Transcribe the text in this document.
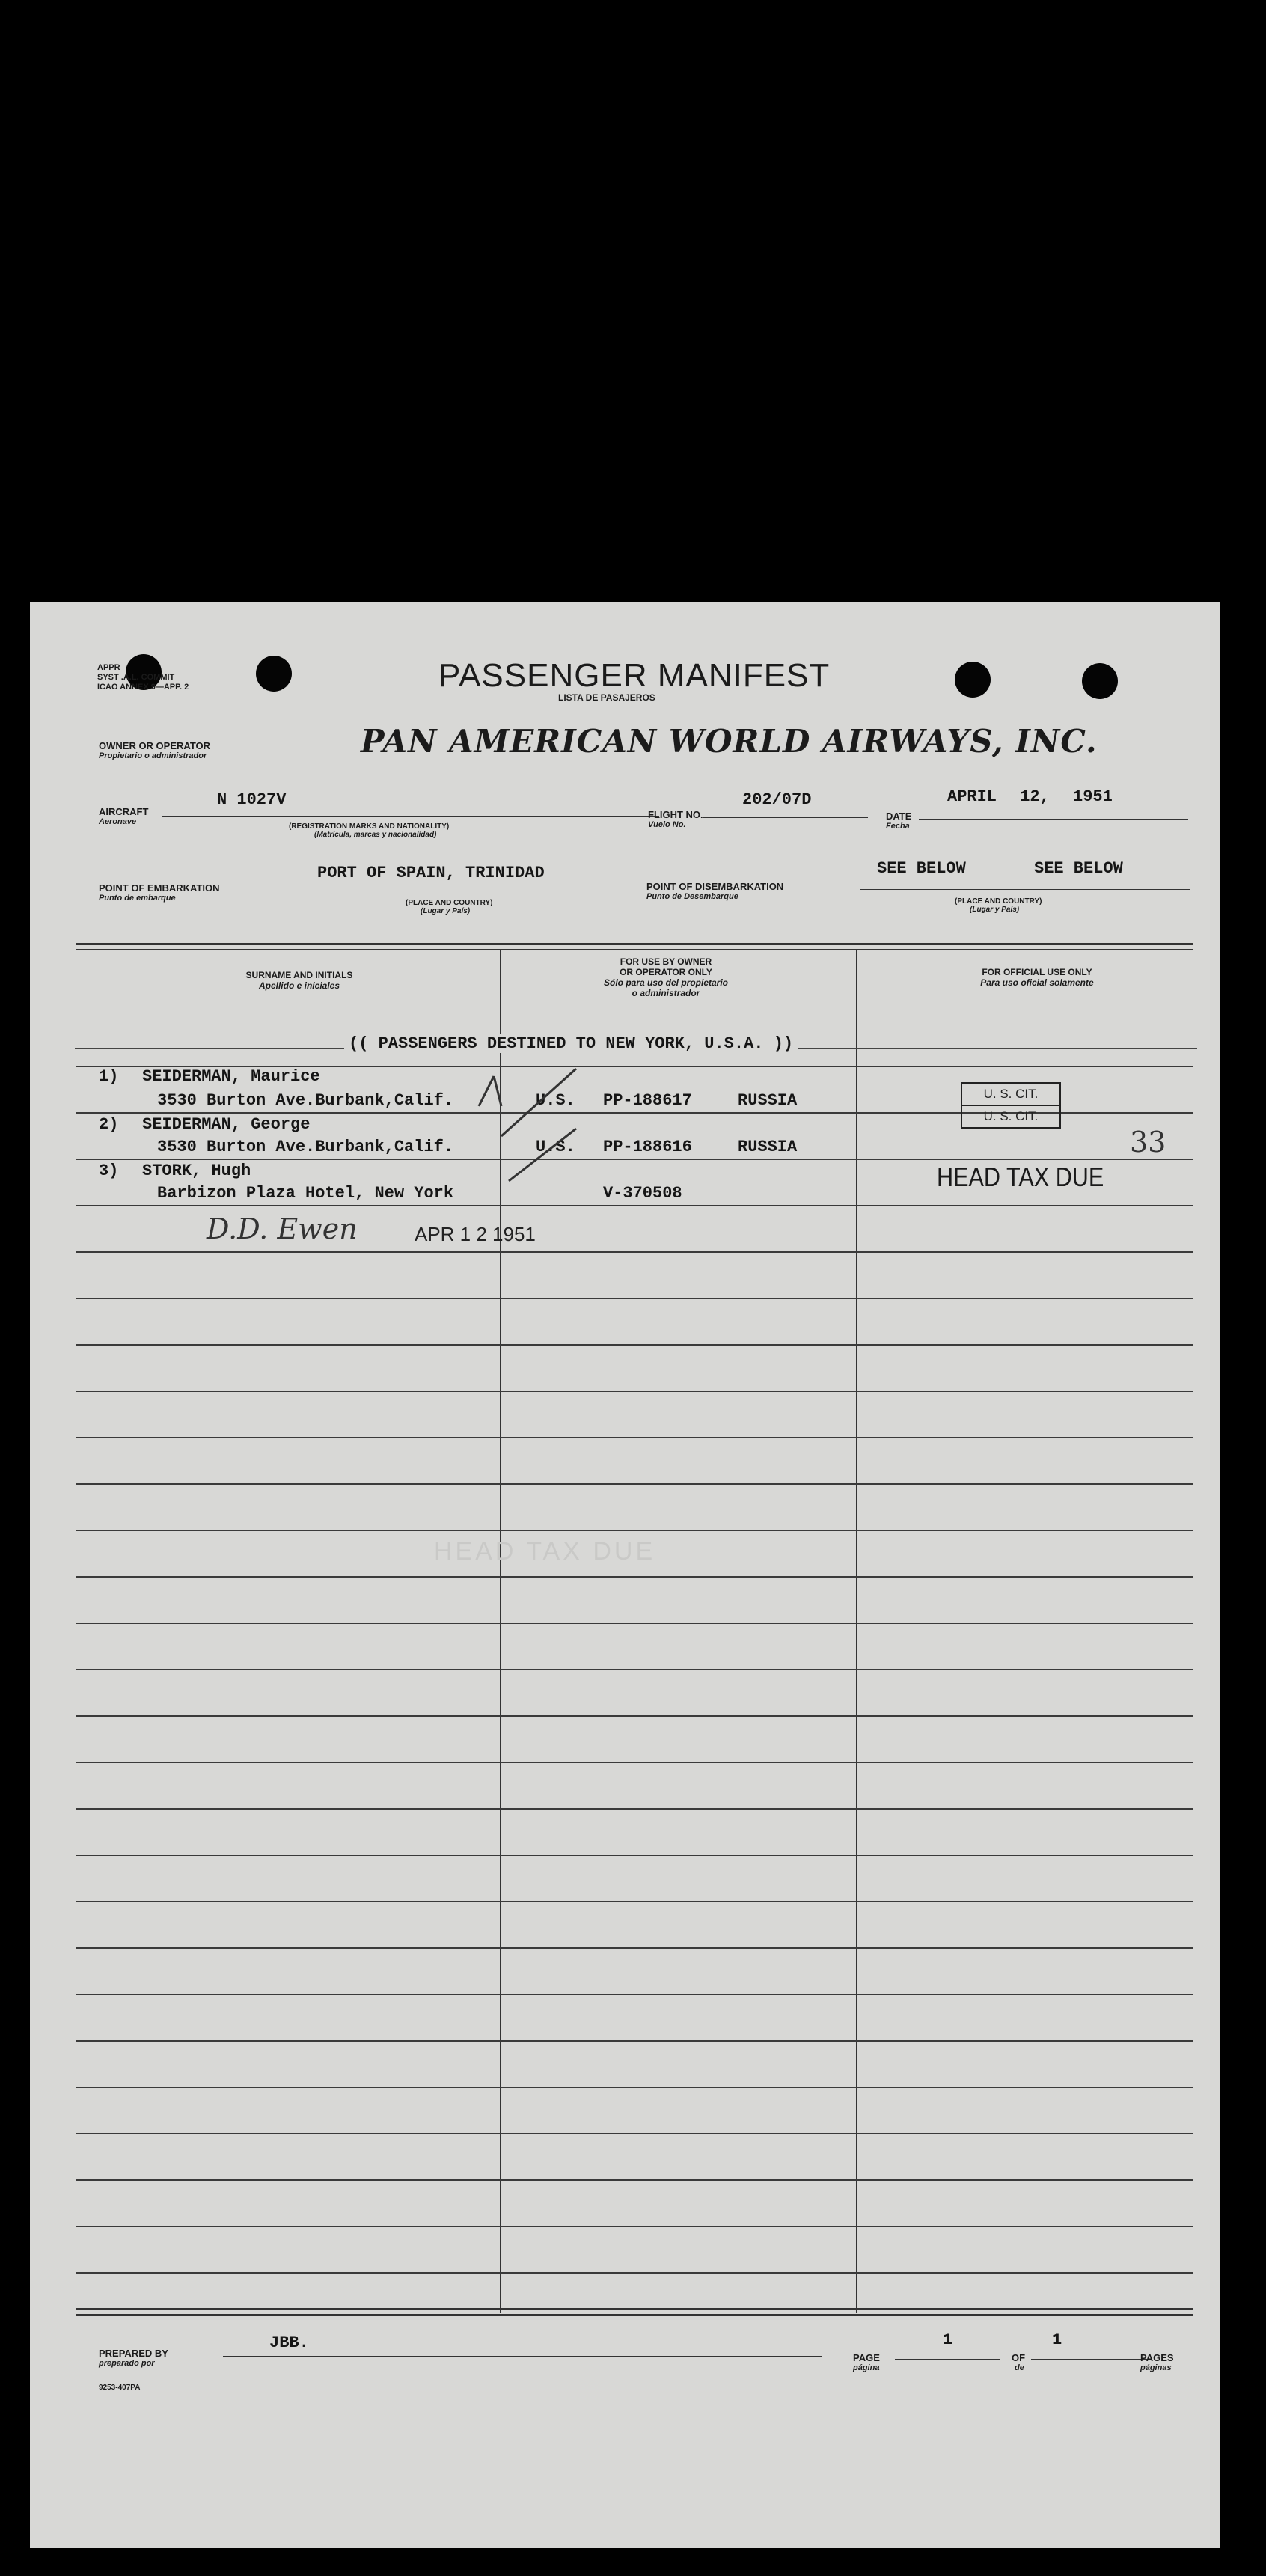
APPR
SYST .A.L. COMMIT
ICAO ANNEX 9—APP. 2	PASSENGER MANIFEST
LISTA DE PASAJEROS
OWNER OR OPERATOR
Propietario o administrador	PAN AMERICAN WORLD AIRWAYS, INC.
AIRCRAFT
Aeronave
N 1027V
(REGISTRATION MARKS AND NATIONALITY)
(Matrícula, marcas y nacionalidad)
FLIGHT NO.
Vuelo No.
202/07D
DATE
Fecha
APRIL 12, 1951
POINT OF EMBARKATION
Punto de embarque
PORT OF SPAIN, TRINIDAD
(PLACE AND COUNTRY)
(Lugar y País)
POINT OF DISEMBARKATION
Punto de Desembarque
SEE BELOW	SEE BELOW
(PLACE AND COUNTRY)
(Lugar y País)
SURNAME AND INITIALS
Apellido e iniciales
FOR USE BY OWNER
OR OPERATOR ONLY
Sólo para uso del propietario
o administrador
FOR OFFICIAL USE ONLY
Para uso oficial solamente
(( PASSENGERS DESTINED TO NEW YORK, U.S.A. ))
1) SEIDERMAN, Maurice
3530 Burton Ave.Burbank,Calif.	U.S. PP-188617	RUSSIA
2) SEIDERMAN, George
3530 Burton Ave.Burbank,Calif.	U.S. PP-188616	RUSSIA
3) STORK, Hugh
Barbizon Plaza Hotel, New York	V-370508
U. S. CIT.
U. S. CIT.
33
HEAD TAX DUE
D.D. Ewen	APR 1 2 1951
HEAD TAX DUE
PREPARED BY
preparado por
JBB.
PAGE
página
1
OF
de
1
PAGES
páginas
9253-407PA
